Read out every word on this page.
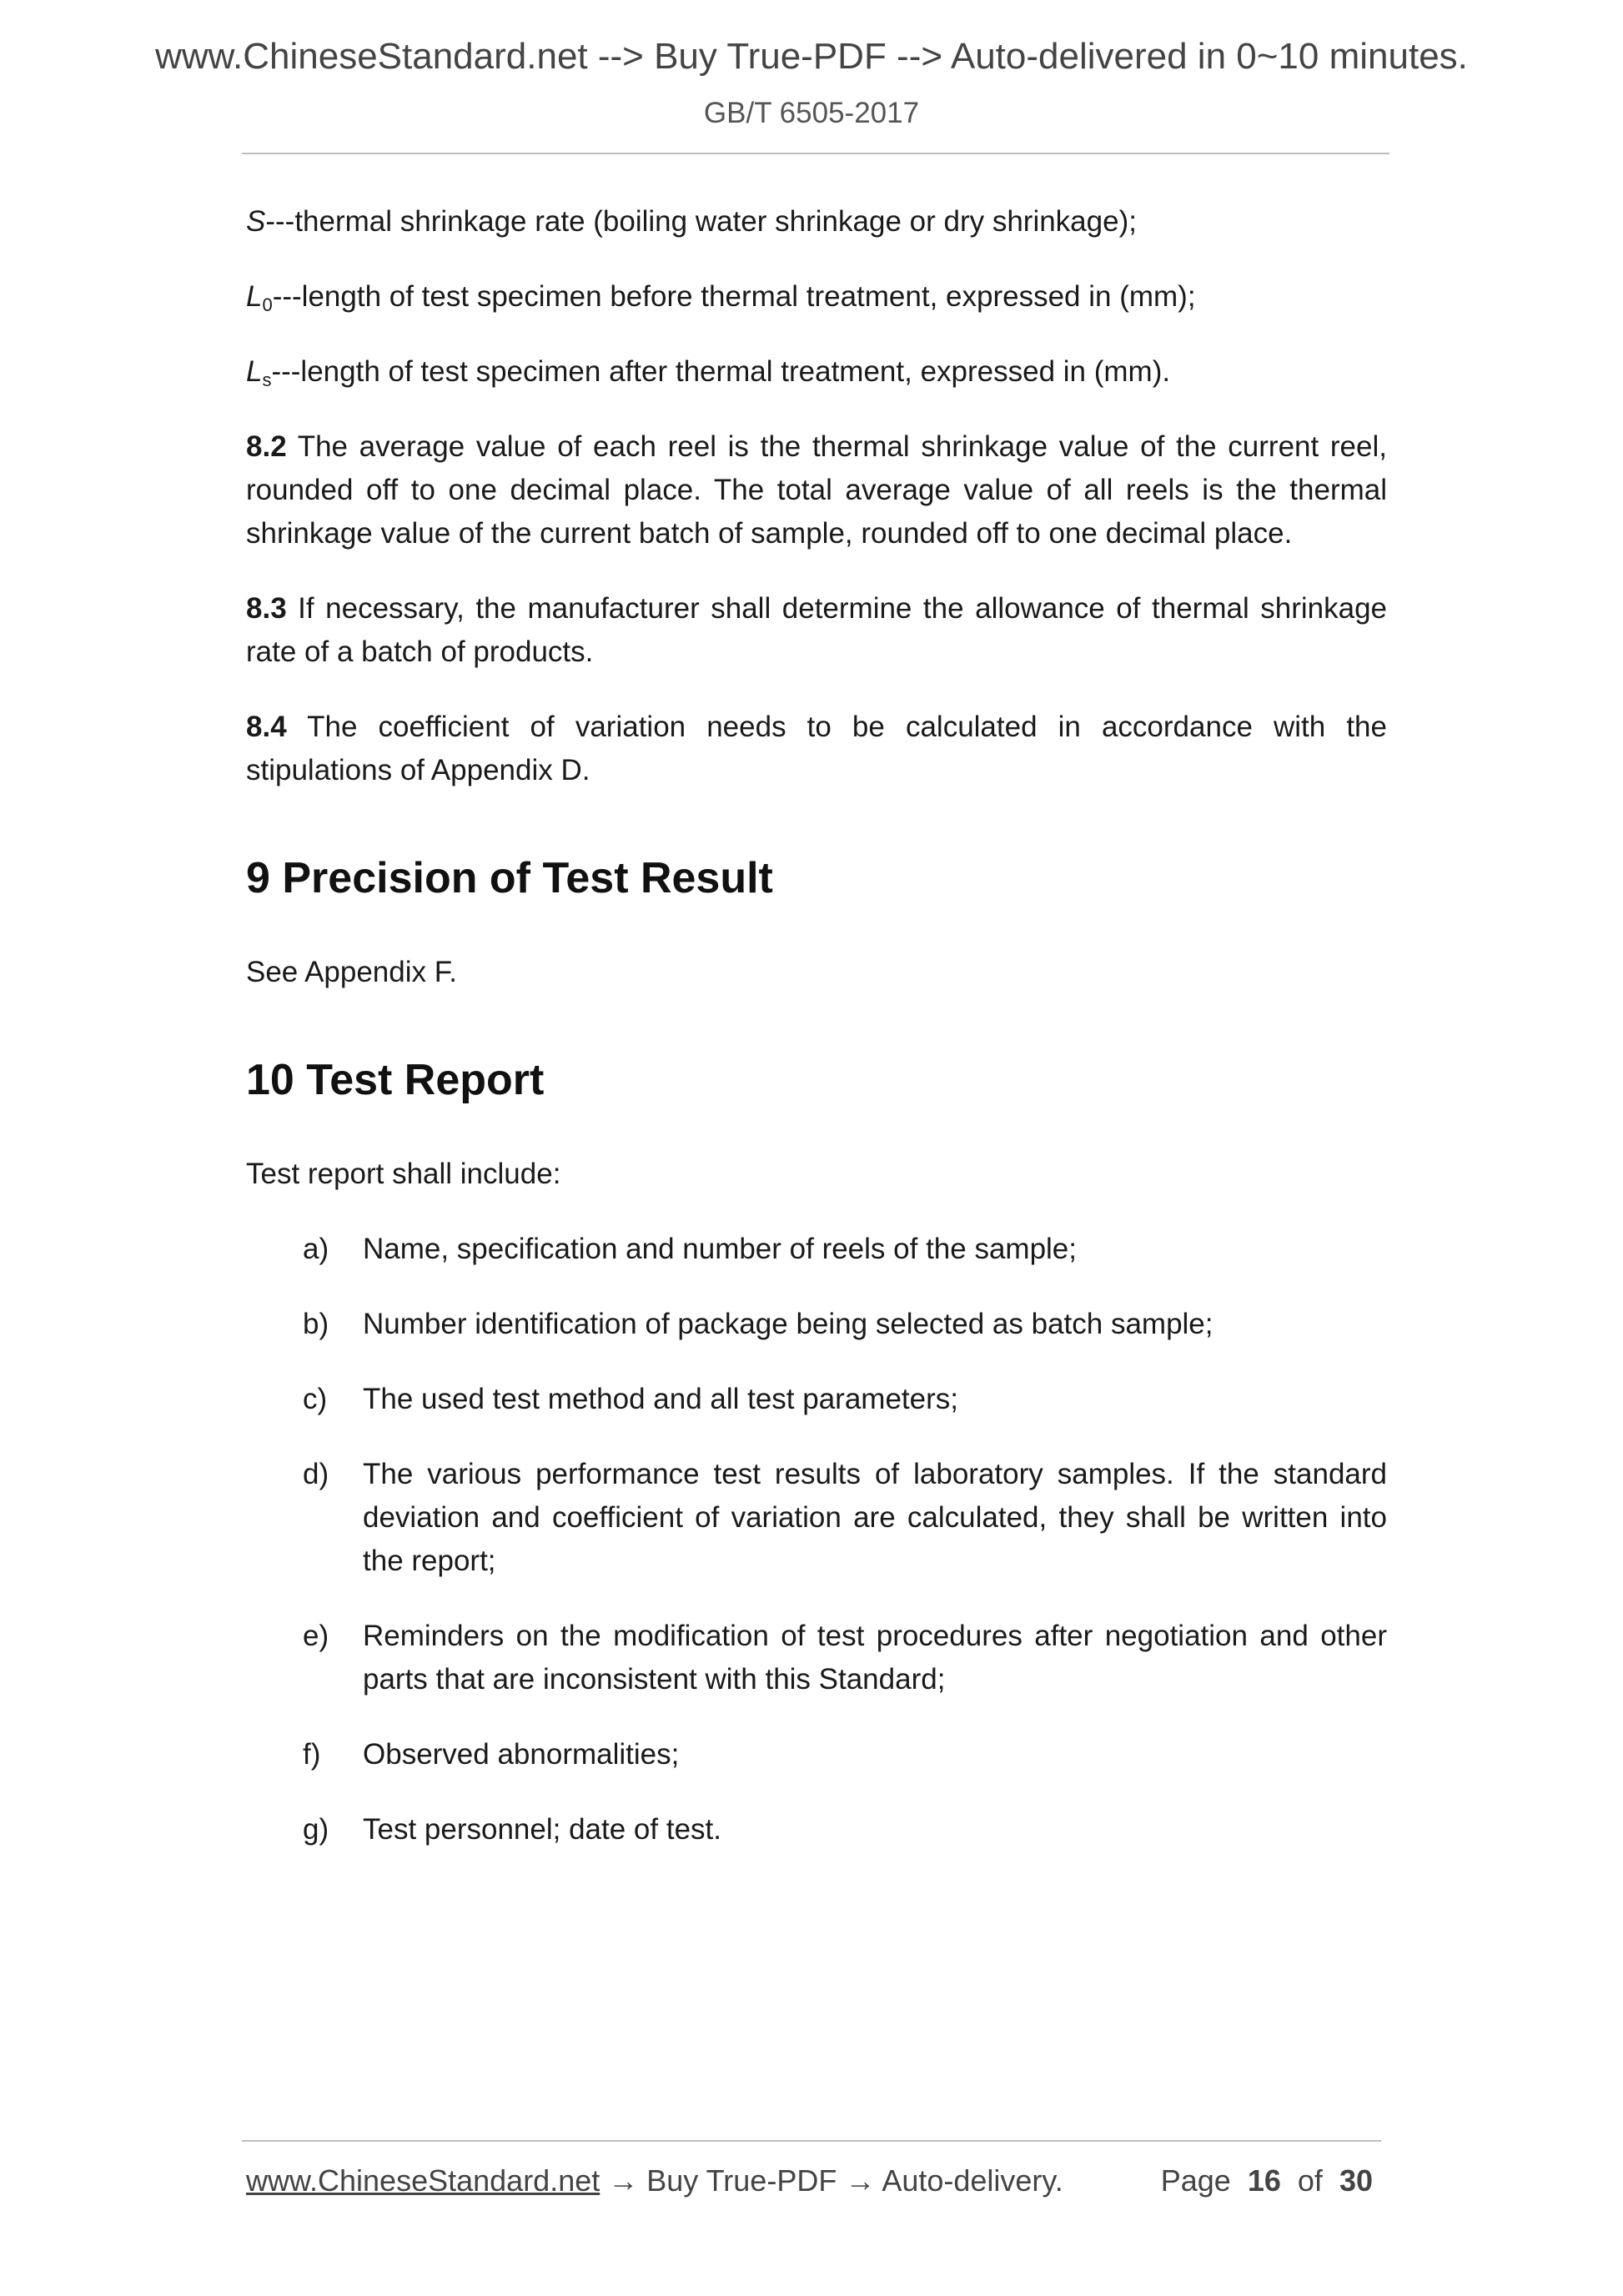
www.ChineseStandard.net --> Buy True-PDF --> Auto-delivered in 0~10 minutes.
GB/T 6505-2017

S---thermal shrinkage rate (boiling water shrinkage or dry shrinkage);

$L_0--$-length of test specimen before thermal treatment, expressed in (mm);

$L_s--$-length of test specimen after thermal treatment, expressed in (mm).

8.2 The average value of each reel is the thermal shrinkage value of the current reel, rounded off to one decimal place. The total average value of all reels is the thermal shrinkage value of the current batch of sample, rounded off to one decimal place.

8.3 If necessary, the manufacturer shall determine the allowance of thermal shrinkage rate of a batch of products.

8.4 The coefficient of variation needs to be calculated in accordance with the stipulations of Appendix D.

9 Precision of Test Result

See Appendix F.

10 Test Report

Test report shall include:

a) Name, specification and number of reels of the sample;
b) Number identification of package being selected as batch sample;
c) The used test method and all test parameters;
d) The various performance test results of laboratory samples. If the standard deviation and coefficient of variation are calculated, they shall be written into the report;
e) Reminders on the modification of test procedures after negotiation and other parts that are inconsistent with this Standard;
f) Observed abnormalities;
g) Test personnel; date of test.
www.ChineseStandard.net → Buy True-PDF → Auto-delivery.	Page 16 of 30
